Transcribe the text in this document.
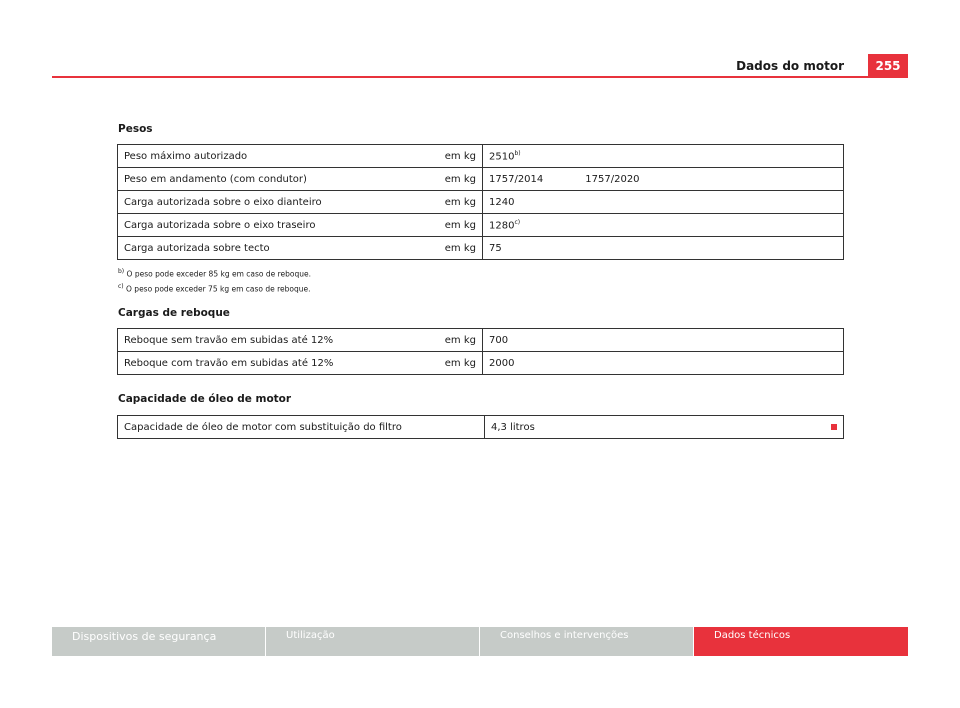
Dados do motor	255
Pesos
Peso máximo autorizado	em kg	2510$^{b)}$
Peso em andamento (com condutor)	em kg	1757/2014 1757/2020
Carga autorizada sobre o eixo dianteiro	em kg	1240
Carga autorizada sobre o eixo traseiro	em kg	1280$^{c)}$
Carga autorizada sobre tecto	em kg	75
$^{b)}$ O peso pode exceder 85 kg em caso de reboque.
$^{c)}$ O peso pode exceder 75 kg em caso de reboque.
Cargas de reboque
Reboque sem travão em subidas até 12%	em kg	700
Reboque com travão em subidas até 12%	em kg	2000
Capacidade de óleo de motor
Capacidade de óleo de motor com substituição do filtro	4,3 litros
Dispositivos de segurança	Utilização	Conselhos e intervenções	Dados técnicos
